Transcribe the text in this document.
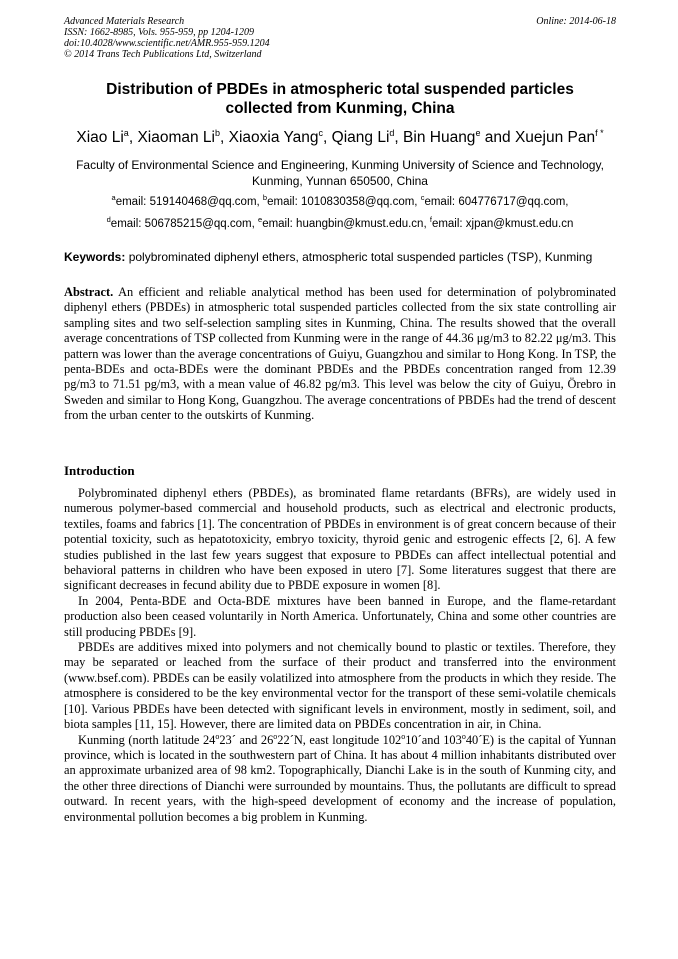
Advanced Materials Research
ISSN: 1662-8985, Vols. 955-959, pp 1204-1209
doi:10.4028/www.scientific.net/AMR.955-959.1204
© 2014 Trans Tech Publications Ltd, Switzerland
Online: 2014-06-18
Distribution of PBDEs in atmospheric total suspended particles
collected from Kunming, China
Xiao Li$^a$, Xiaoman Li$^b$, Xiaoxia Yang$^c$, Qiang Li$^d$, Bin Huang$^e$ and Xuejun Pan$^{f *}$
Faculty of Environmental Science and Engineering, Kunming University of Science and Technology,
Kunming, Yunnan 650500, China
$^a$email: 519140468@qq.com, $^b$email: 1010830358@qq.com, $^c$email: 604776717@qq.com,
$^d$email: 506785215@qq.com, $^e$email: huangbin@kmust.edu.cn, $^f$email: xjpan@kmust.edu.cn
Keywords: polybrominated diphenyl ethers, atmospheric total suspended particles (TSP), Kunming
Abstract. An efficient and reliable analytical method has been used for determination of polybrominated diphenyl ethers (PBDEs) in atmospheric total suspended particles collected from the six state controlling air sampling sites and two self-selection sampling sites in Kunming, China. The results showed that the overall average concentrations of TSP collected from Kunming were in the range of 44.36 μg/m3 to 82.22 μg/m3. This pattern was lower than the average concentrations of Guiyu, Guangzhou and similar to Hong Kong. In TSP, the penta-BDEs and octa-BDEs were the dominant PBDEs and the PBDEs concentration ranged from 12.39 pg/m3 to 71.51 pg/m3, with a mean value of 46.82 pg/m3. This level was below the city of Guiyu, Örebro in Sweden and similar to Hong Kong, Guangzhou. The average concentrations of PBDEs had the trend of descent from the urban center to the outskirts of Kunming.
Introduction

Polybrominated diphenyl ethers (PBDEs), as brominated flame retardants (BFRs), are widely used in numerous polymer-based commercial and household products, such as electrical and electronic products, textiles, foams and fabrics [1]. The concentration of PBDEs in environment is of great concern because of their potential toxicity, such as hepatotoxicity, embryo toxicity, thyroid genic and estrogenic effects [2, 6]. A few studies published in the last few years suggest that exposure to PBDEs can affect intellectual potential and behavioral patterns in children who have been exposed in utero [7]. Some literatures suggest that there are significant decreases in fecund ability due to PBDE exposure in women [8].

In 2004, Penta-BDE and Octa-BDE mixtures have been banned in Europe, and the flame-retardant production also been ceased voluntarily in North America. Unfortunately, China and some other countries are still producing PBDEs [9].

PBDEs are additives mixed into polymers and not chemically bound to plastic or textiles. Therefore, they may be separated or leached from the surface of their product and transferred into the environment (www.bsef.com). PBDEs can be easily volatilized into atmosphere from the products in which they reside. The atmosphere is considered to be the key environmental vector for the transport of these semi-volatile chemicals [10]. Various PBDEs have been detected with significant levels in environment, mostly in sediment, soil, and biota samples [11, 15]. However, there are limited data on PBDEs concentration in air, in China.

Kunming (north latitude 24$^o$23´ and 26$^o$22´N, east longitude 102$^o$10´and 103$^o$40´E) is the capital of Yunnan province, which is located in the southwestern part of China. It has about 4 million inhabitants distributed over an approximate urbanized area of 98 km2. Topographically, Dianchi Lake is in the south of Kunming city, and the other three directions of Dianchi were surrounded by mountains. Thus, the pollutants are difficult to spread outward. In recent years, with the high-speed development of economy and the increase of population, environmental pollution becomes a big problem in Kunming.
